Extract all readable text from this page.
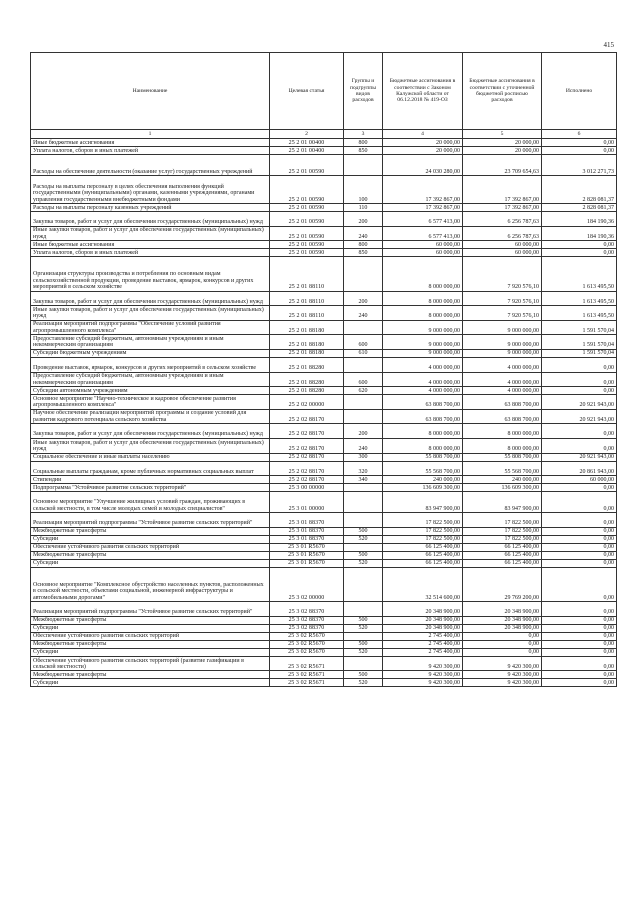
415
Наименование	Целевая статья	Группы и подгруппы видов расходов	Бюджетные ассигнования в соответствии с Законом Калужской области от 06.12.2018 № 419-ОЗ	Бюджетные ассигнования в соответствии с уточненной бюджетной росписью расходов	Исполнено
1	2	3	4	5	6
Иные бюджетные ассигнования	25 2 01 00400	800	20 000,00	20 000,00	0,00
Уплата налогов, сборов и иных платежей	25 2 01 00400	850	20 000,00	20 000,00	0,00
Расходы на обеспечение деятельности (оказание услуг) государственных учреждений	25 2 01 00590		24 030 280,00	23 709 654,63	3 012 271,73
Расходы на выплаты персоналу в целях обеспечения выполнения функций государственными (муниципальными) органами, казенными учреждениями, органами управления государственными внебюджетными фондами	25 2 01 00590	100	17 392 867,00	17 392 867,00	2 828 081,37
Расходы на выплаты персоналу казенных учреждений	25 2 01 00590	110	17 392 867,00	17 392 867,00	2 828 081,37
Закупка товаров, работ и услуг для обеспечения государственных (муниципальных) нужд	25 2 01 00590	200	6 577 413,00	6 256 787,63	184 190,36
Иные закупки товаров, работ и услуг для обеспечения государственных (муниципальных) нужд	25 2 01 00590	240	6 577 413,00	6 256 787,63	184 190,36
Иные бюджетные ассигнования	25 2 01 00590	800	60 000,00	60 000,00	0,00
Уплата налогов, сборов и иных платежей	25 2 01 00590	850	60 000,00	60 000,00	0,00
Организация структуры производства и потребления по основным видам сельскохозяйственной продукции, проведение выставок, ярмарок, конкурсов и других мероприятий в сельском хозяйстве	25 2 01 88110		8 000 000,00	7 920 576,10	1 613 495,50
Закупка товаров, работ и услуг для обеспечения государственных (муниципальных) нужд	25 2 01 88110	200	8 000 000,00	7 920 576,10	1 613 495,50
Иные закупки товаров, работ и услуг для обеспечения государственных (муниципальных) нужд	25 2 01 88110	240	8 000 000,00	7 920 576,10	1 613 495,50
Реализация мероприятий подпрограммы "Обеспечение условий развития агропромышленного комплекса"	25 2 01 88180		9 000 000,00	9 000 000,00	1 591 570,04
Предоставление субсидий бюджетным, автономным учреждениям и иным некоммерческим организациям	25 2 01 88180	600	9 000 000,00	9 000 000,00	1 591 570,04
Субсидии бюджетным учреждениям	25 2 01 88180	610	9 000 000,00	9 000 000,00	1 591 570,04
Проведение выставок, ярмарок, конкурсов и других мероприятий в сельском хозяйстве	25 2 01 88280		4 000 000,00	4 000 000,00	0,00
Предоставление субсидий бюджетным, автономным учреждениям и иным некоммерческим организациям	25 2 01 88280	600	4 000 000,00	4 000 000,00	0,00
Субсидии автономным учреждениям	25 2 01 88280	620	4 000 000,00	4 000 000,00	0,00
Основное мероприятие "Научно-техническое и кадровое обеспечение развития агропромышленного комплекса"	25 2 02 00000		63 808 700,00	63 808 700,00	20 921 943,00
Научное обеспечение реализации мероприятий программы и создание условий для развития кадрового потенциала сельского хозяйства	25 2 02 88170		63 808 700,00	63 808 700,00	20 921 943,00
Закупка товаров, работ и услуг для обеспечения государственных (муниципальных) нужд	25 2 02 88170	200	8 000 000,00	8 000 000,00	0,00
Иные закупки товаров, работ и услуг для обеспечения государственных (муниципальных) нужд	25 2 02 88170	240	8 000 000,00	8 000 000,00	0,00
Социальное обеспечение и иные выплаты населению	25 2 02 88170	300	55 808 700,00	55 808 700,00	20 921 943,00
Социальные выплаты гражданам, кроме публичных нормативных социальных выплат	25 2 02 88170	320	55 568 700,00	55 568 700,00	20 861 943,00
Стипендии	25 2 02 88170	340	240 000,00	240 000,00	60 000,00
Подпрограмма "Устойчивое развитие сельских территорий"	25 3 00 00000		136 609 300,00	136 609 300,00	0,00
Основное мероприятие "Улучшение жилищных условий граждан, проживающих в сельской местности, в том числе молодых семей и молодых специалистов"	25 3 01 00000		83 947 900,00	83 947 900,00	0,00
Реализация мероприятий подпрограммы "Устойчивое развитие сельских территорий"	25 3 01 88370		17 822 500,00	17 822 500,00	0,00
Межбюджетные трансферты	25 3 01 88370	500	17 822 500,00	17 822 500,00	0,00
Субсидии	25 3 01 88370	520	17 822 500,00	17 822 500,00	0,00
Обеспечение устойчивого развития сельских территорий	25 3 01 R5670		66 125 400,00	66 125 400,00	0,00
Межбюджетные трансферты	25 3 01 R5670	500	66 125 400,00	66 125 400,00	0,00
Субсидии	25 3 01 R5670	520	66 125 400,00	66 125 400,00	0,00
Основное мероприятие "Комплексное обустройство населенных пунктов, расположенных в сельской местности, объектами социальной, инженерной инфраструктуры и автомобильными дорогами"	25 3 02 00000		32 514 600,00	29 769 200,00	0,00
Реализация мероприятий подпрограммы "Устойчивое развитие сельских территорий"	25 3 02 88370		20 348 900,00	20 348 900,00	0,00
Межбюджетные трансферты	25 3 02 88370	500	20 348 900,00	20 348 900,00	0,00
Субсидии	25 3 02 88370	520	20 348 900,00	20 348 900,00	0,00
Обеспечение устойчивого развития сельских территорий	25 3 02 R5670		2 745 400,00	0,00	0,00
Межбюджетные трансферты	25 3 02 R5670	500	2 745 400,00	0,00	0,00
Субсидии	25 3 02 R5670	520	2 745 400,00	0,00	0,00
Обеспечение устойчивого развития сельских территорий (развитие газификации в сельской местности)	25 3 02 R5671		9 420 300,00	9 420 300,00	0,00
Межбюджетные трансферты	25 3 02 R5671	500	9 420 300,00	9 420 300,00	0,00
Субсидии	25 3 02 R5671	520	9 420 300,00	9 420 300,00	0,00
